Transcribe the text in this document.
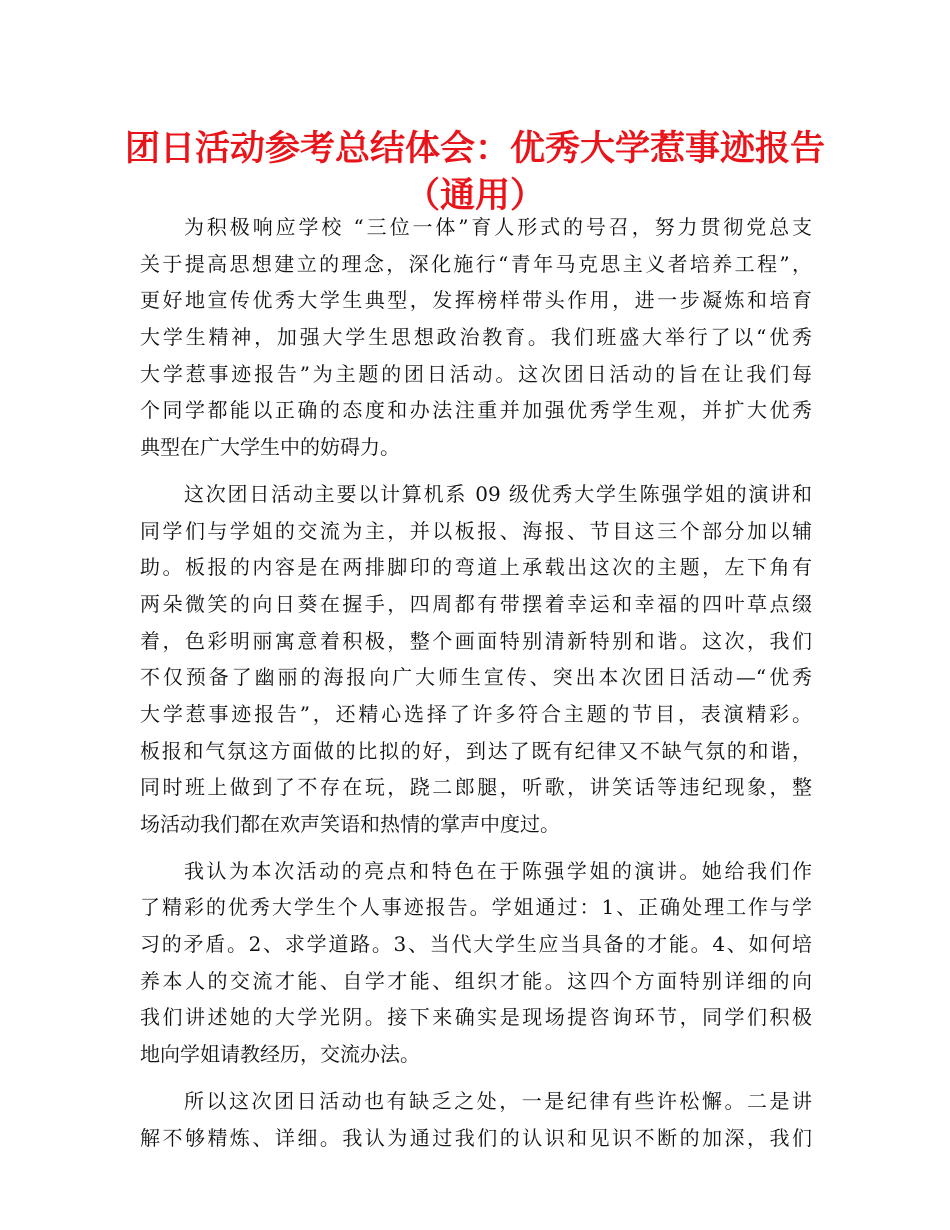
团日活动参考总结体会：优秀大学惹事迹报告
（通用）
为积极响应学校 “三位一体”育人形式的号召，努力贯彻党总支
关于提高思想建立的理念，深化施行“青年马克思主义者培养工程”，
更好地宣传优秀大学生典型，发挥榜样带头作用，进一步凝炼和培育
大学生精神，加强大学生思想政治教育。我们班盛大举行了以“优秀
大学惹事迹报告”为主题的团日活动。这次团日活动的旨在让我们每
个同学都能以正确的态度和办法注重并加强优秀学生观，并扩大优秀
典型在广大学生中的妨碍力。
这次团日活动主要以计算机系 09 级优秀大学生陈强学姐的演讲和
同学们与学姐的交流为主，并以板报、海报、节目这三个部分加以辅
助。板报的内容是在两排脚印的弯道上承载出这次的主题，左下角有
两朵微笑的向日葵在握手，四周都有带摆着幸运和幸福的四叶草点缀
着，色彩明丽寓意着积极，整个画面特别清新特别和谐。这次，我们
不仅预备了幽丽的海报向广大师生宣传、突出本次团日活动—“优秀
大学惹事迹报告”，还精心选择了许多符合主题的节目，表演精彩。
板报和气氛这方面做的比拟的好，到达了既有纪律又不缺气氛的和谐，
同时班上做到了不存在玩，跷二郎腿，听歌，讲笑话等违纪现象，整
场活动我们都在欢声笑语和热情的掌声中度过。
我认为本次活动的亮点和特色在于陈强学姐的演讲。她给我们作
了精彩的优秀大学生个人事迹报告。学姐通过：1、正确处理工作与学
习的矛盾。2、求学道路。3、当代大学生应当具备的才能。4、如何培
养本人的交流才能、自学才能、组织才能。这四个方面特别详细的向
我们讲述她的大学光阴。接下来确实是现场提咨询环节，同学们积极
地向学姐请教经历，交流办法。
所以这次团日活动也有缺乏之处，一是纪律有些许松懈。二是讲
解不够精炼、详细。我认为通过我们的认识和见识不断的加深，我们
